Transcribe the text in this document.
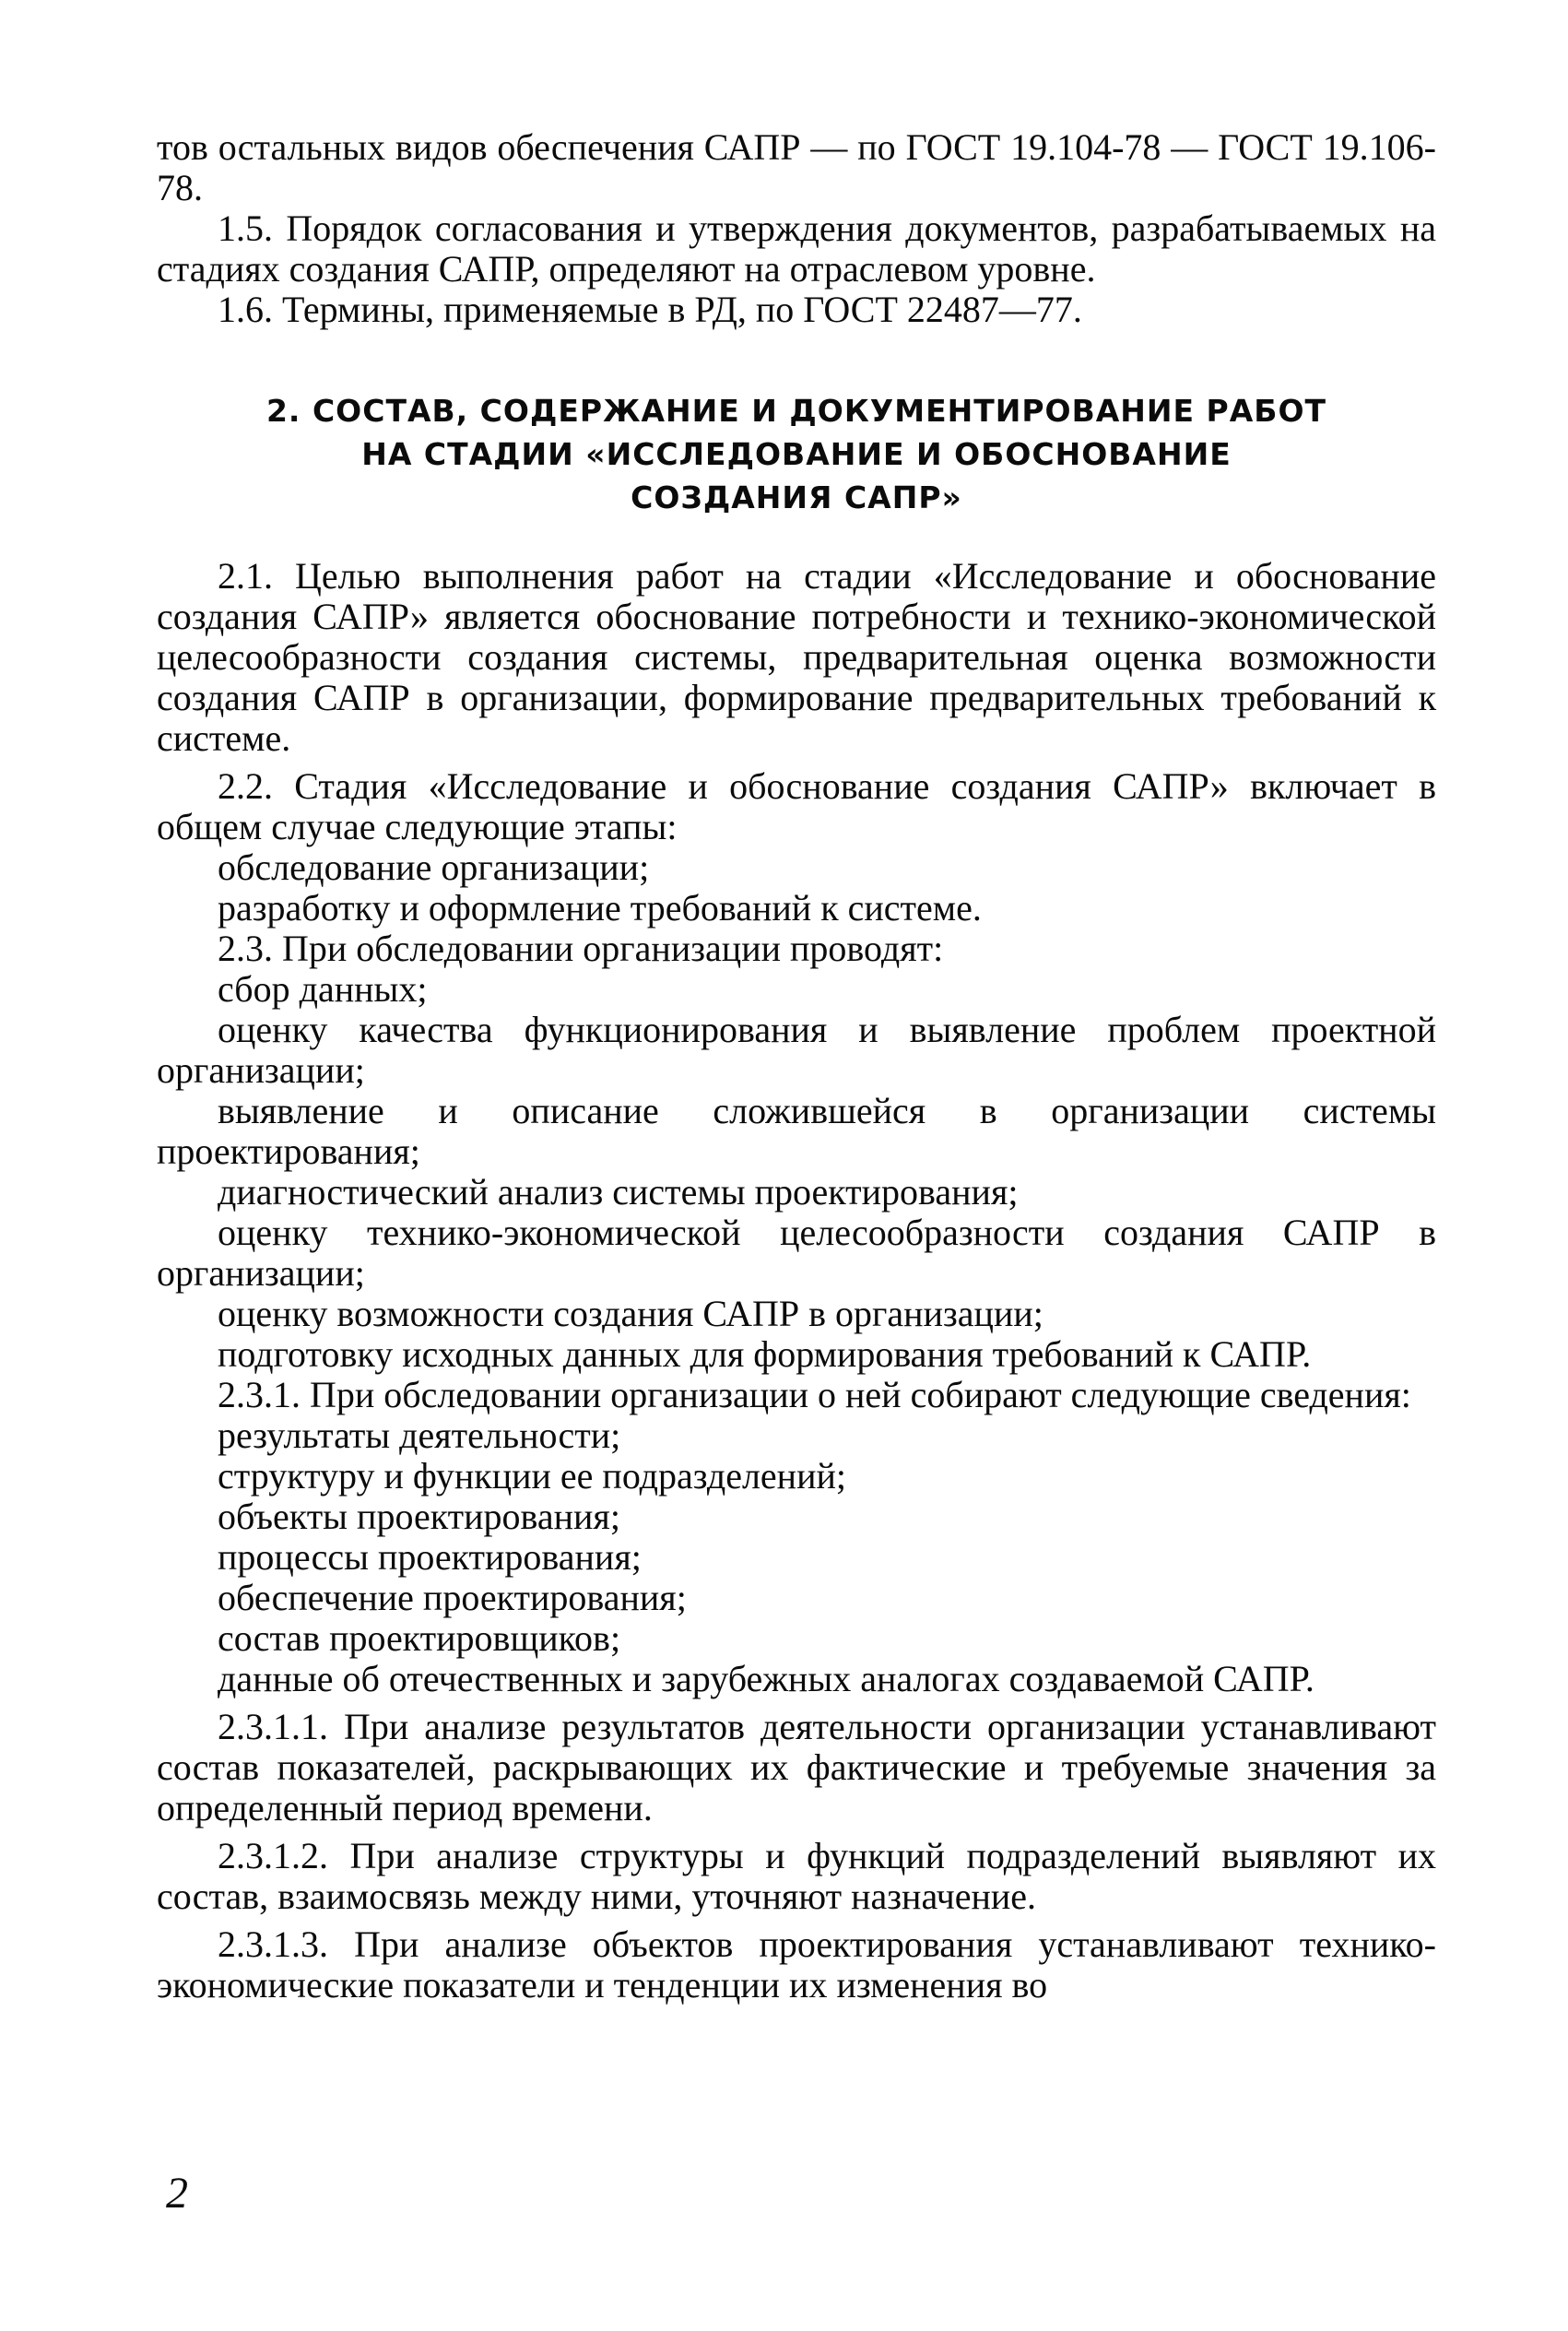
тов остальных видов обеспечения САПР — по ГОСТ 19.104-78 — ГОСТ 19.106-78.

1.5. Порядок согласования и утверждения документов, разрабатываемых на стадиях создания САПР, определяют на отраслевом уровне.

1.6. Термины, применяемые в РД, по ГОСТ 22487—77.

2. СОСТАВ, СОДЕРЖАНИЕ И ДОКУМЕНТИРОВАНИЕ РАБОТ
НА СТАДИИ «ИССЛЕДОВАНИЕ И ОБОСНОВАНИЕ
СОЗДАНИЯ САПР»

2.1. Целью выполнения работ на стадии «Исследование и обоснование создания САПР» является обоснование потребности и технико-экономической целесообразности создания системы, предварительная оценка возможности создания САПР в организации, формирование предварительных требований к системе.

2.2. Стадия «Исследование и обоснование создания САПР» включает в общем случае следующие этапы:

обследование организации;

разработку и оформление требований к системе.

2.3. При обследовании организации проводят:

сбор данных;

оценку качества функционирования и выявление проблем проектной организации;

выявление и описание сложившейся в организации системы проектирования;

диагностический анализ системы проектирования;

оценку технико-экономической целесообразности создания САПР в организации;

оценку возможности создания САПР в организации;

подготовку исходных данных для формирования требований к САПР.

2.3.1. При обследовании организации о ней собирают следующие сведения:

результаты деятельности;

структуру и функции ее подразделений;

объекты проектирования;

процессы проектирования;

обеспечение проектирования;

состав проектировщиков;

данные об отечественных и зарубежных аналогах создаваемой САПР.

2.3.1.1. При анализе результатов деятельности организации устанавливают состав показателей, раскрывающих их фактические и требуемые значения за определенный период времени.

2.3.1.2. При анализе структуры и функций подразделений выявляют их состав, взаимосвязь между ними, уточняют назначение.

2.3.1.3. При анализе объектов проектирования устанавливают технико-экономические показатели и тенденции их изменения во

2
